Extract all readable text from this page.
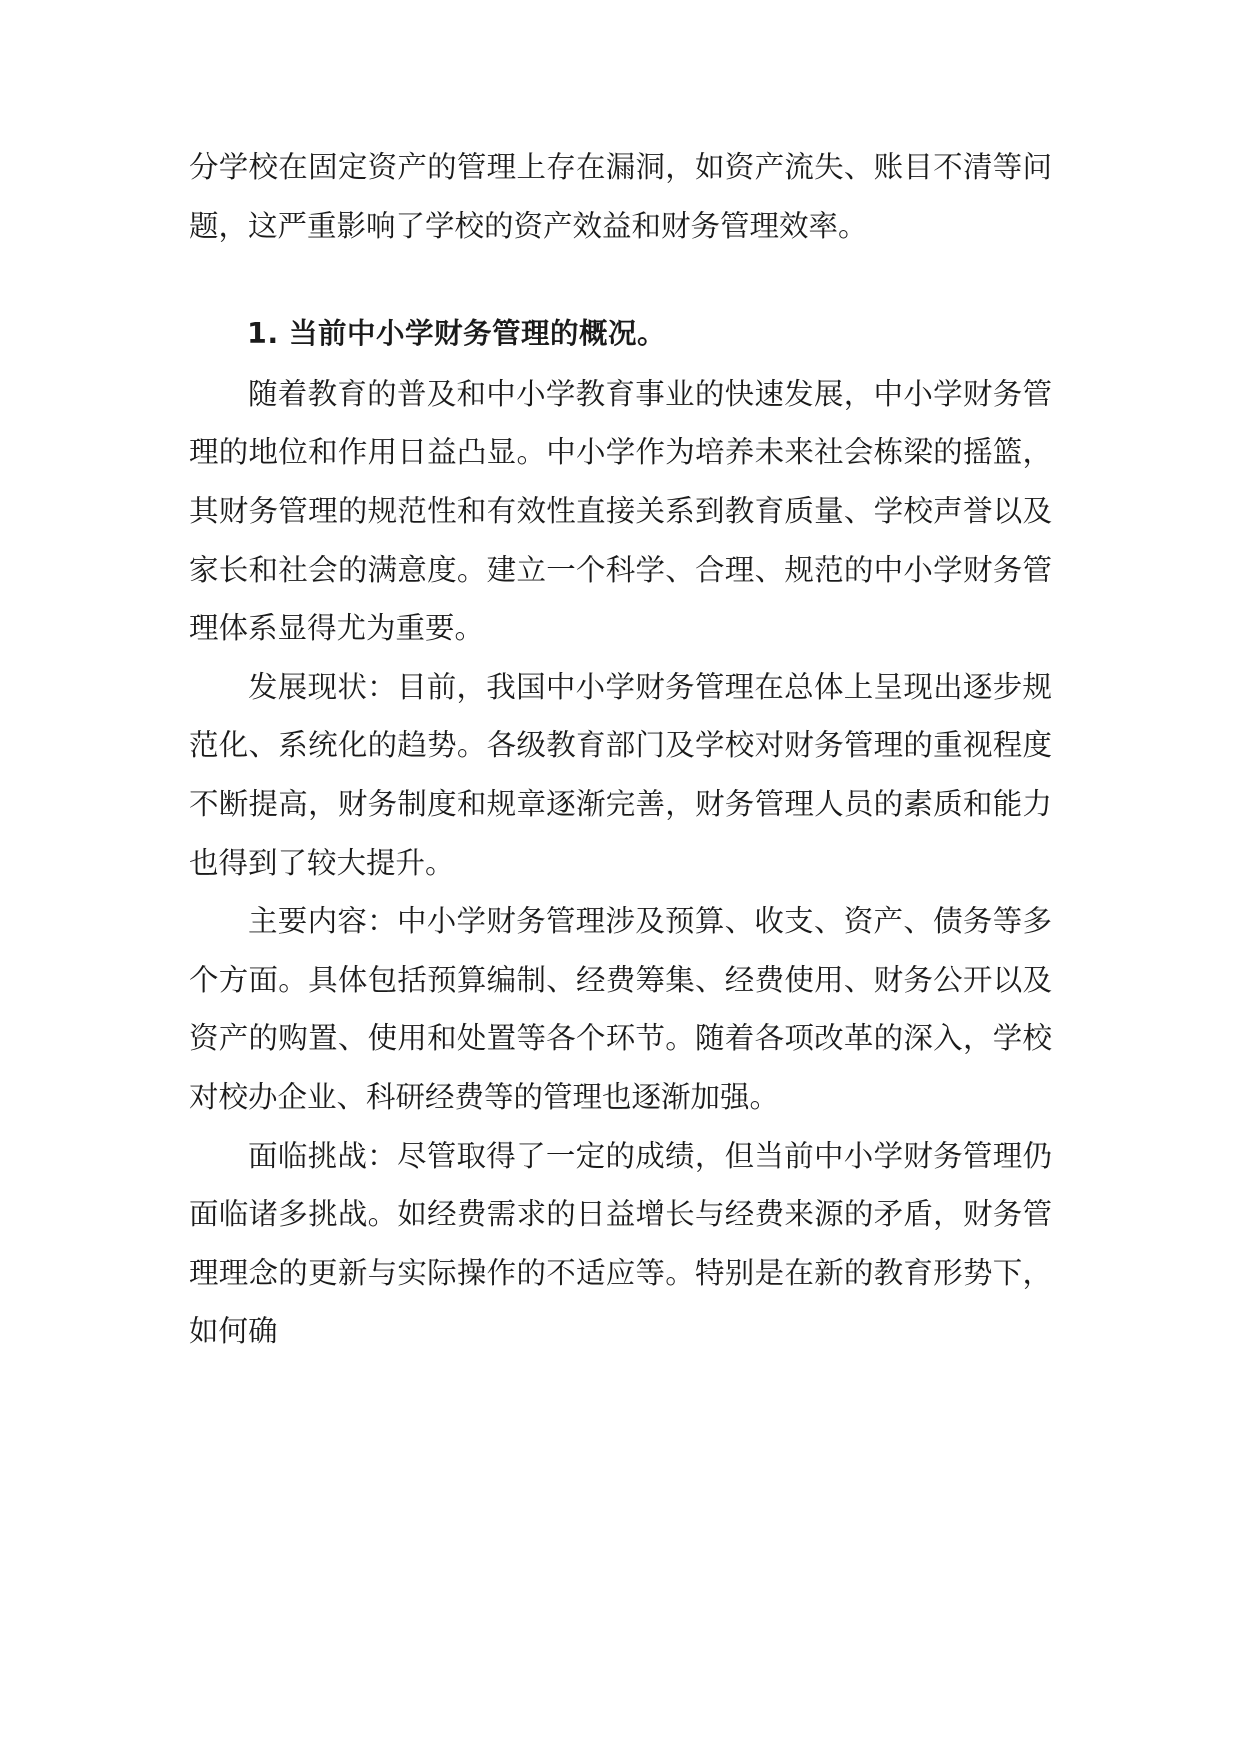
分学校在固定资产的管理上存在漏洞，如资产流失、账目不清等问题，这严重影响了学校的资产效益和财务管理效率。

1. 当前中小学财务管理的概况。

随着教育的普及和中小学教育事业的快速发展，中小学财务管理的地位和作用日益凸显。中小学作为培养未来社会栋梁的摇篮，其财务管理的规范性和有效性直接关系到教育质量、学校声誉以及家长和社会的满意度。建立一个科学、合理、规范的中小学财务管理体系显得尤为重要。

发展现状：目前，我国中小学财务管理在总体上呈现出逐步规范化、系统化的趋势。各级教育部门及学校对财务管理的重视程度不断提高，财务制度和规章逐渐完善，财务管理人员的素质和能力也得到了较大提升。

主要内容：中小学财务管理涉及预算、收支、资产、债务等多个方面。具体包括预算编制、经费筹集、经费使用、财务公开以及资产的购置、使用和处置等各个环节。随着各项改革的深入，学校对校办企业、科研经费等的管理也逐渐加强。

面临挑战：尽管取得了一定的成绩，但当前中小学财务管理仍面临诸多挑战。如经费需求的日益增长与经费来源的矛盾，财务管理理念的更新与实际操作的不适应等。特别是在新的教育形势下，如何确
